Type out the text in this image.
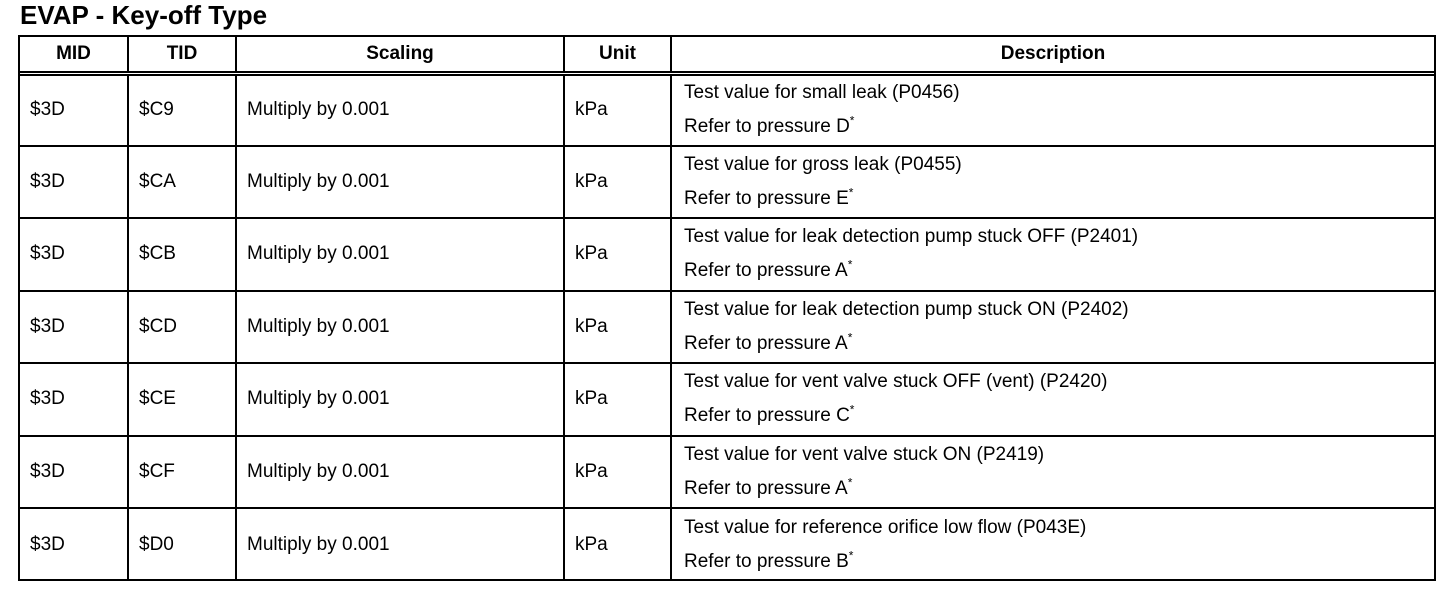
EVAP - Key-off Type
MID	TID	Scaling	Unit	Description
$3D	$C9	Multiply by 0.001	kPa	Test value for small leak (P0456)
Refer to pressure D*

$3D	$CA	Multiply by 0.001	kPa	Test value for gross leak (P0455)
Refer to pressure E*

$3D	$CB	Multiply by 0.001	kPa	Test value for leak detection pump stuck OFF (P2401)
Refer to pressure A*

$3D	$CD	Multiply by 0.001	kPa	Test value for leak detection pump stuck ON (P2402)
Refer to pressure A*

$3D	$CE	Multiply by 0.001	kPa	Test value for vent valve stuck OFF (vent) (P2420)
Refer to pressure C*

$3D	$CF	Multiply by 0.001	kPa	Test value for vent valve stuck ON (P2419)
Refer to pressure A*

$3D	$D0	Multiply by 0.001	kPa	Test value for reference orifice low flow (P043E)
Refer to pressure B*
